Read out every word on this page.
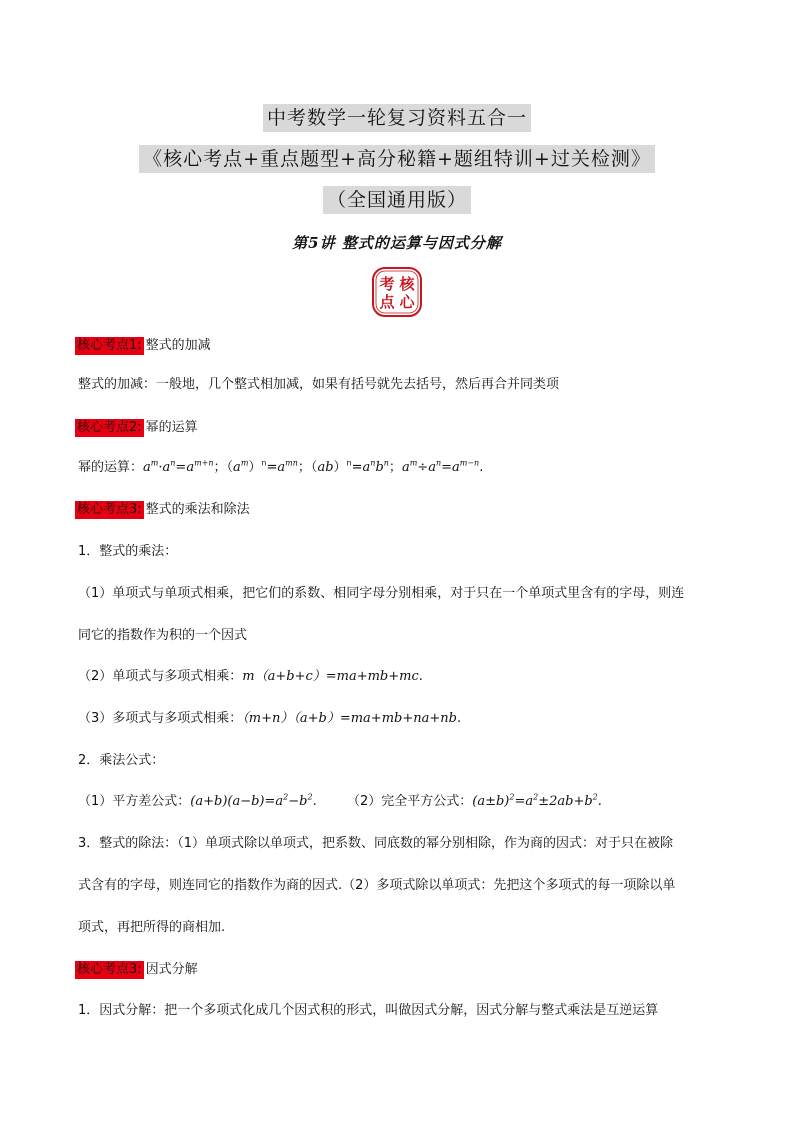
中考数学一轮复习资料五合一
《核心考点+重点题型+高分秘籍+题组特训+过关检测》
（全国通用版）
第5讲 整式的运算与因式分解
考 核
点 心
核心考点1: 整式的加减
整式的加减：一般地，几个整式相加减，如果有括号就先去括号，然后再合并同类项
核心考点2: 幂的运算
幂的运算：$a^m\cdot a^n=a^{m+n}$；$(a^m)^n=a^{mn}$；$(ab)^n=a^nb^n$；$a^m\div a^n=a^{m-n}$.
核心考点3: 整式的乘法和除法
1．整式的乘法：
（1）单项式与单项式相乘，把它们的系数、相同字母分别相乘，对于只在一个单项式里含有的字母，则连
同它的指数作为积的一个因式
（2）单项式与多项式相乘：m（a+b+c）=ma+mb+mc.
（3）多项式与多项式相乘：（m+n）（a+b）=ma+mb+na+nb.
2．乘法公式：
（1）平方差公式：$(a+b)(a-b)=a^2-b^2$. （2）完全平方公式：$(a\pm b)^2=a^2\pm 2ab+b^2$.
3．整式的除法：（1）单项式除以单项式，把系数、同底数的幂分别相除，作为商的因式：对于只在被除
式含有的字母，则连同它的指数作为商的因式.（2）多项式除以单项式：先把这个多项式的每一项除以单
项式，再把所得的商相加.
核心考点3: 因式分解
1．因式分解：把一个多项式化成几个因式积的形式，叫做因式分解，因式分解与整式乘法是互逆运算
